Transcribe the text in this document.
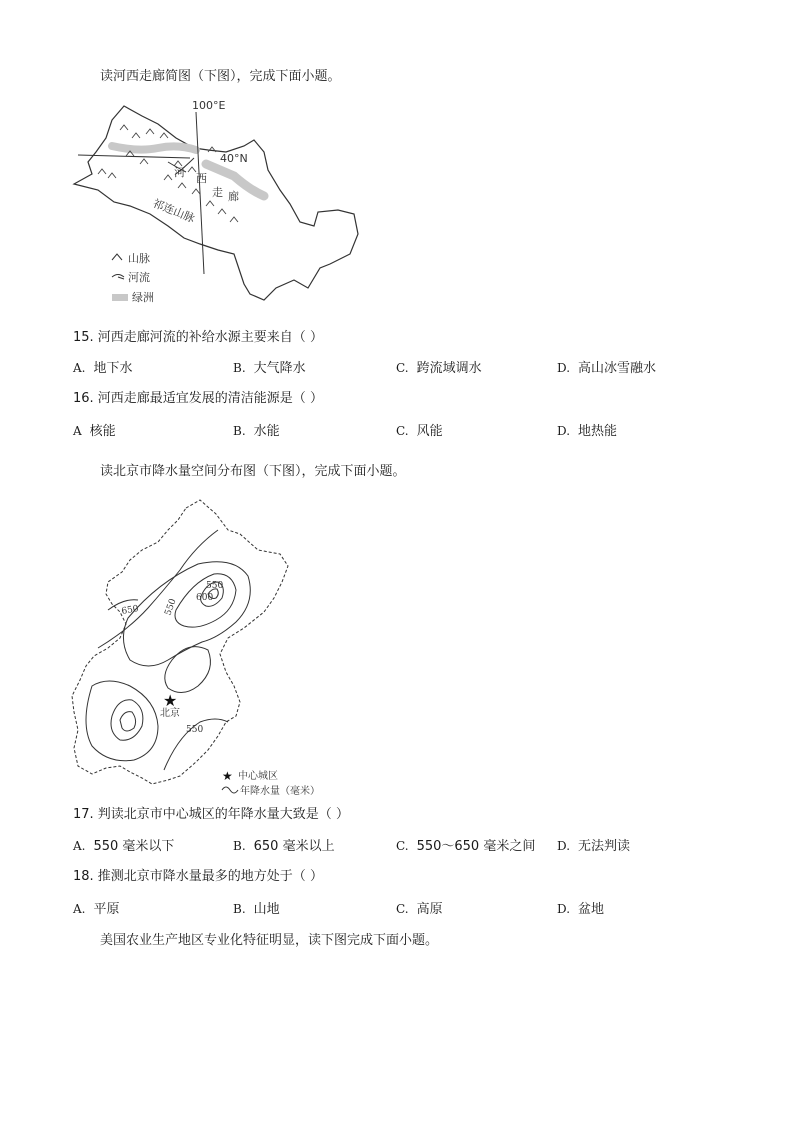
读河西走廊简图（下图），完成下面小题。
100°E
40°N
河 西
走 廊
祁连山脉
山脉
河流
绿洲
15. 河西走廊河流的补给水源主要来自（ ）
A. 地下水	B. 大气降水	C. 跨流域调水	D. 高山冰雪融水
16. 河西走廊最适宜发展的清洁能源是（ ）
A 核能	B. 水能	C. 风能	D. 地热能
读北京市降水量空间分布图（下图），完成下面小题。
550
600
550
650
550
★
北京
★ 中心城区
年降水量（毫米）
17. 判读北京市中心城区的年降水量大致是（ ）
A. 550 毫米以下	B. 650 毫米以上	C. 550～650 毫米之间 D. 无法判读
18. 推测北京市降水量最多的地方处于（ ）
A. 平原	B. 山地	C. 高原	D. 盆地
美国农业生产地区专业化特征明显，读下图完成下面小题。
